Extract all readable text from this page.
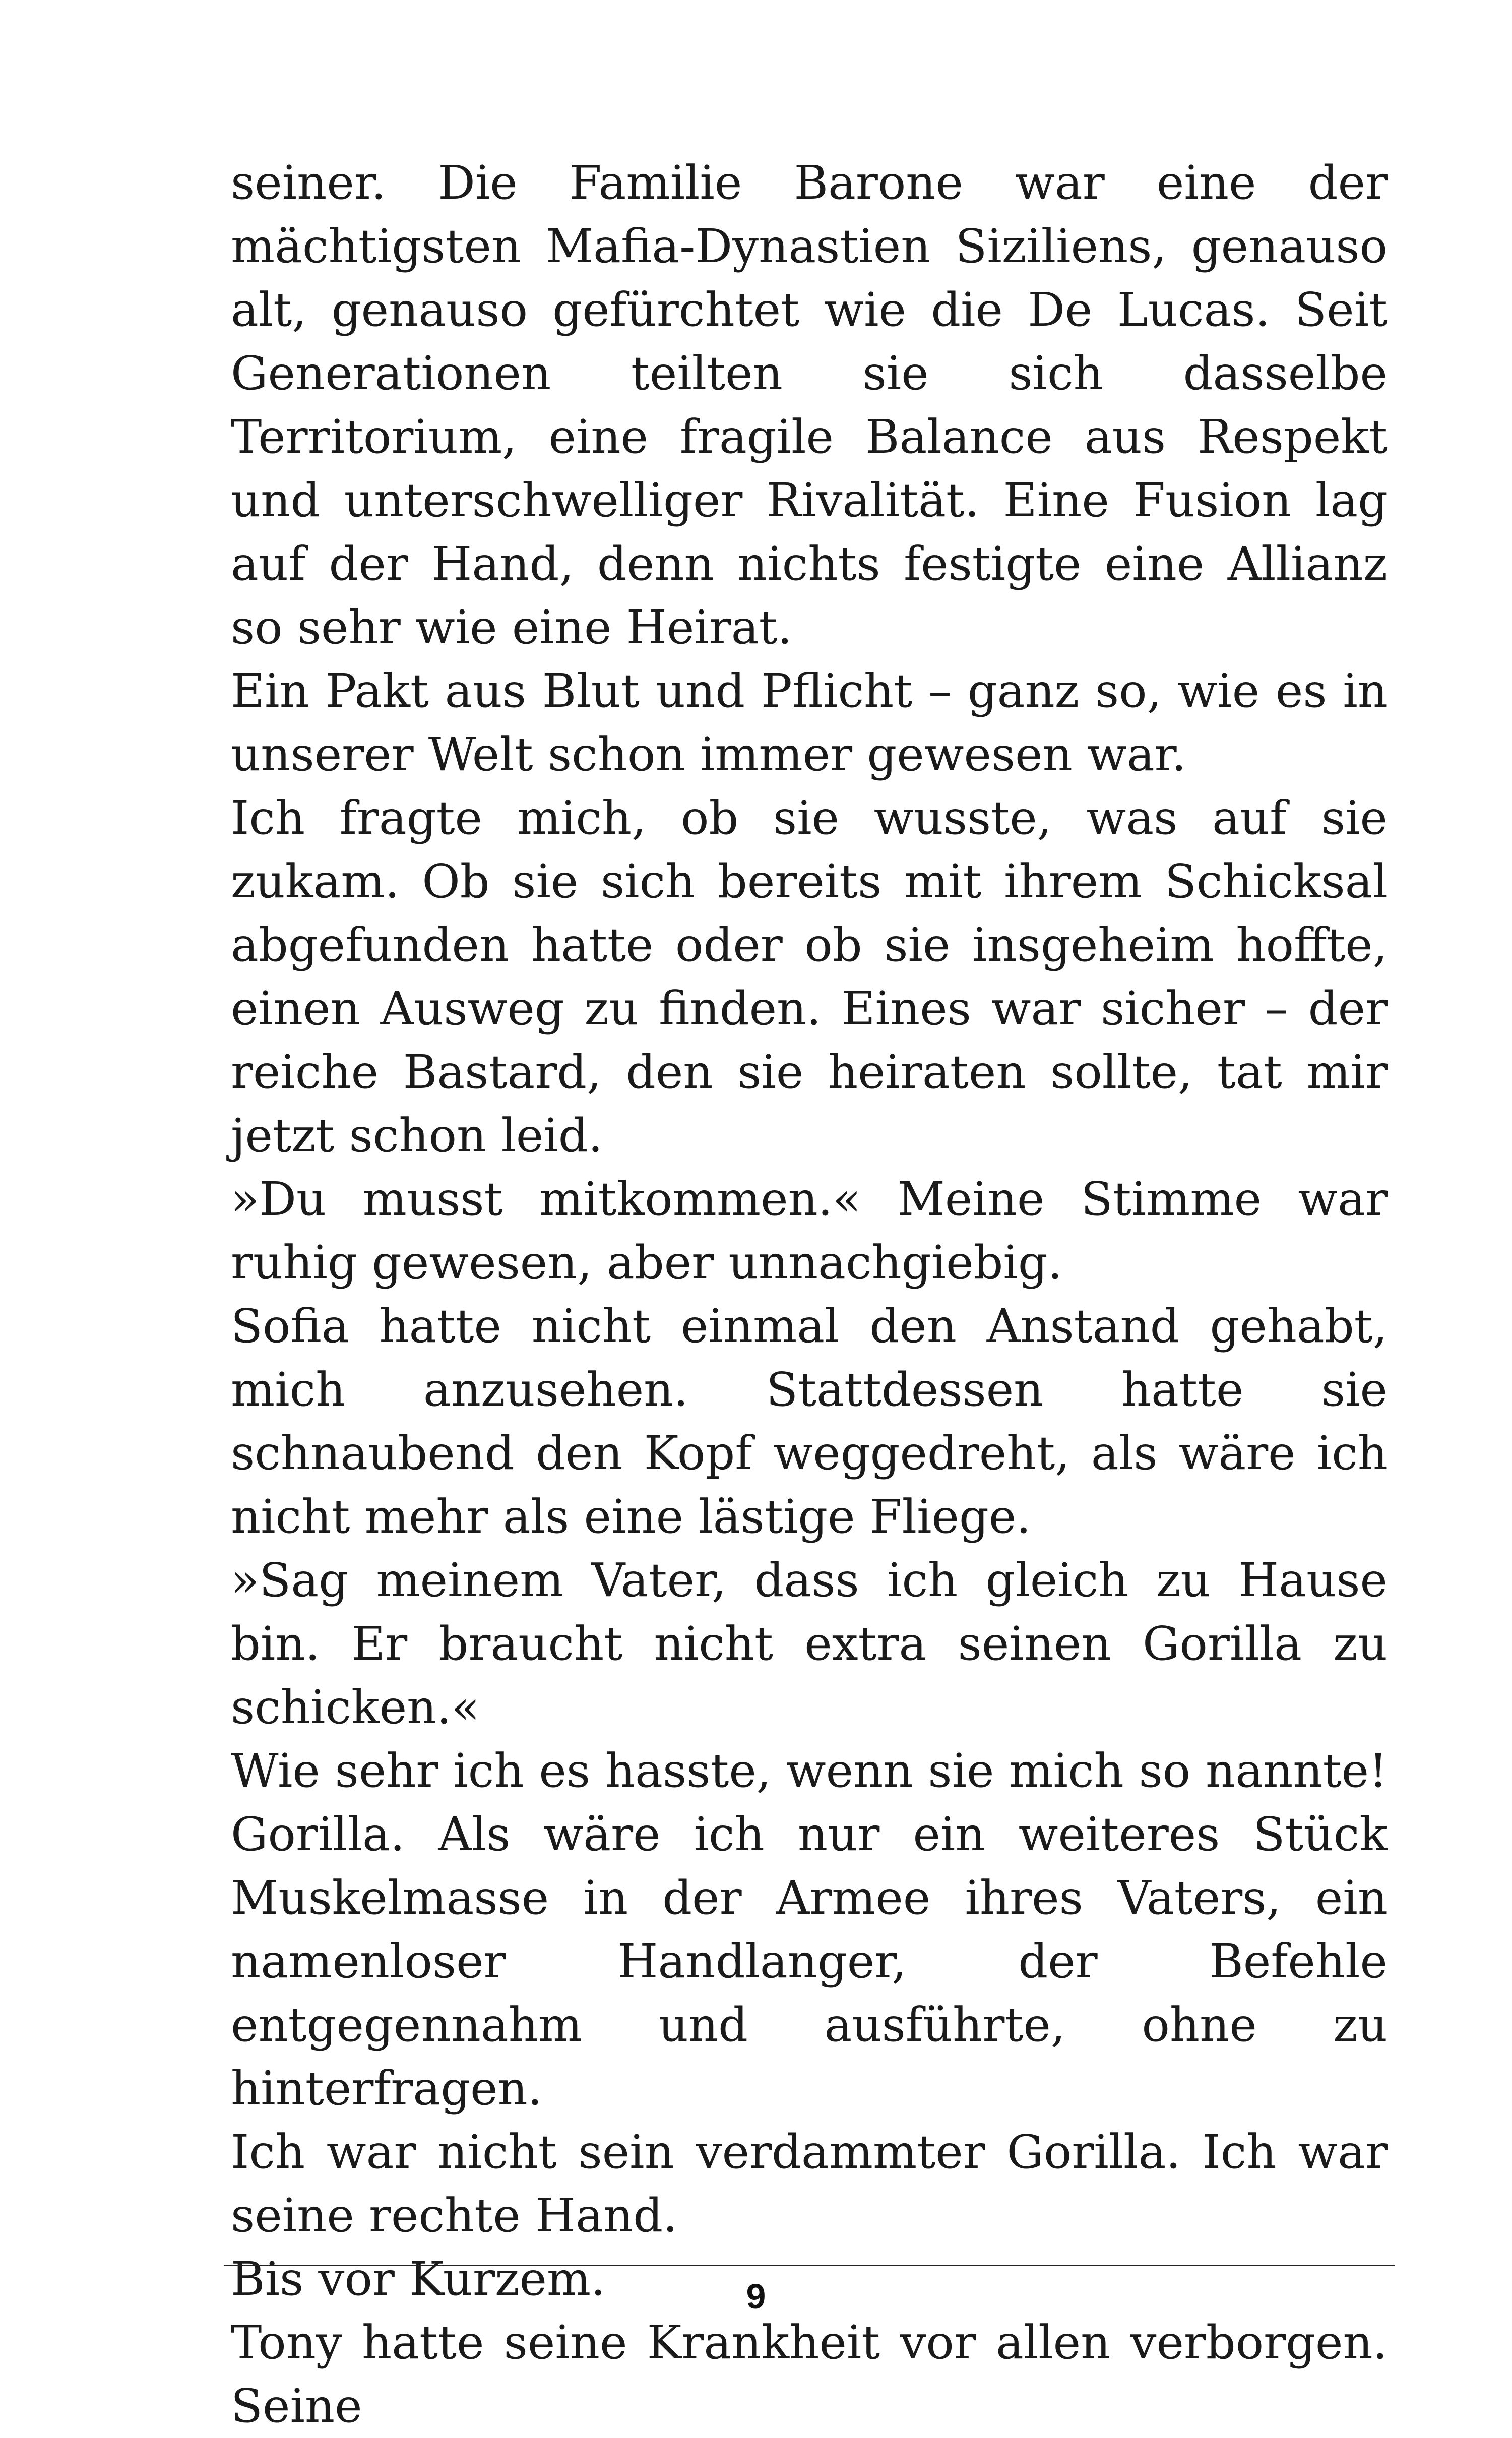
seiner. Die Familie Barone war eine der mächtigsten Mafia-Dynastien Siziliens, genauso alt, genauso gefürchtet wie die De Lucas. Seit Generationen teilten sie sich dasselbe Territorium, eine fragile Balance aus Respekt und unterschwelliger Rivalität. Eine Fusion lag auf der Hand, denn nichts festigte eine Allianz so sehr wie eine Heirat.

Ein Pakt aus Blut und Pflicht – ganz so, wie es in unserer Welt schon immer gewesen war.

Ich fragte mich, ob sie wusste, was auf sie zukam. Ob sie sich bereits mit ihrem Schicksal abgefunden hatte oder ob sie insgeheim hoffte, einen Ausweg zu finden. Eines war sicher – der reiche Bastard, den sie heiraten sollte, tat mir jetzt schon leid.

»Du musst mitkommen.« Meine Stimme war ruhig gewesen, aber unnachgiebig.

Sofia hatte nicht einmal den Anstand gehabt, mich anzusehen. Stattdessen hatte sie schnaubend den Kopf weggedreht, als wäre ich nicht mehr als eine lästige Fliege.

»Sag meinem Vater, dass ich gleich zu Hause bin. Er braucht nicht extra seinen Gorilla zu schicken.«

Wie sehr ich es hasste, wenn sie mich so nannte! Gorilla. Als wäre ich nur ein weiteres Stück Muskelmasse in der Armee ihres Vaters, ein namenloser Handlanger, der Befehle entgegennahm und ausführte, ohne zu hinterfragen.

Ich war nicht sein verdammter Gorilla. Ich war seine rechte Hand.

Bis vor Kurzem.

Tony hatte seine Krankheit vor allen verborgen. Seine

9
